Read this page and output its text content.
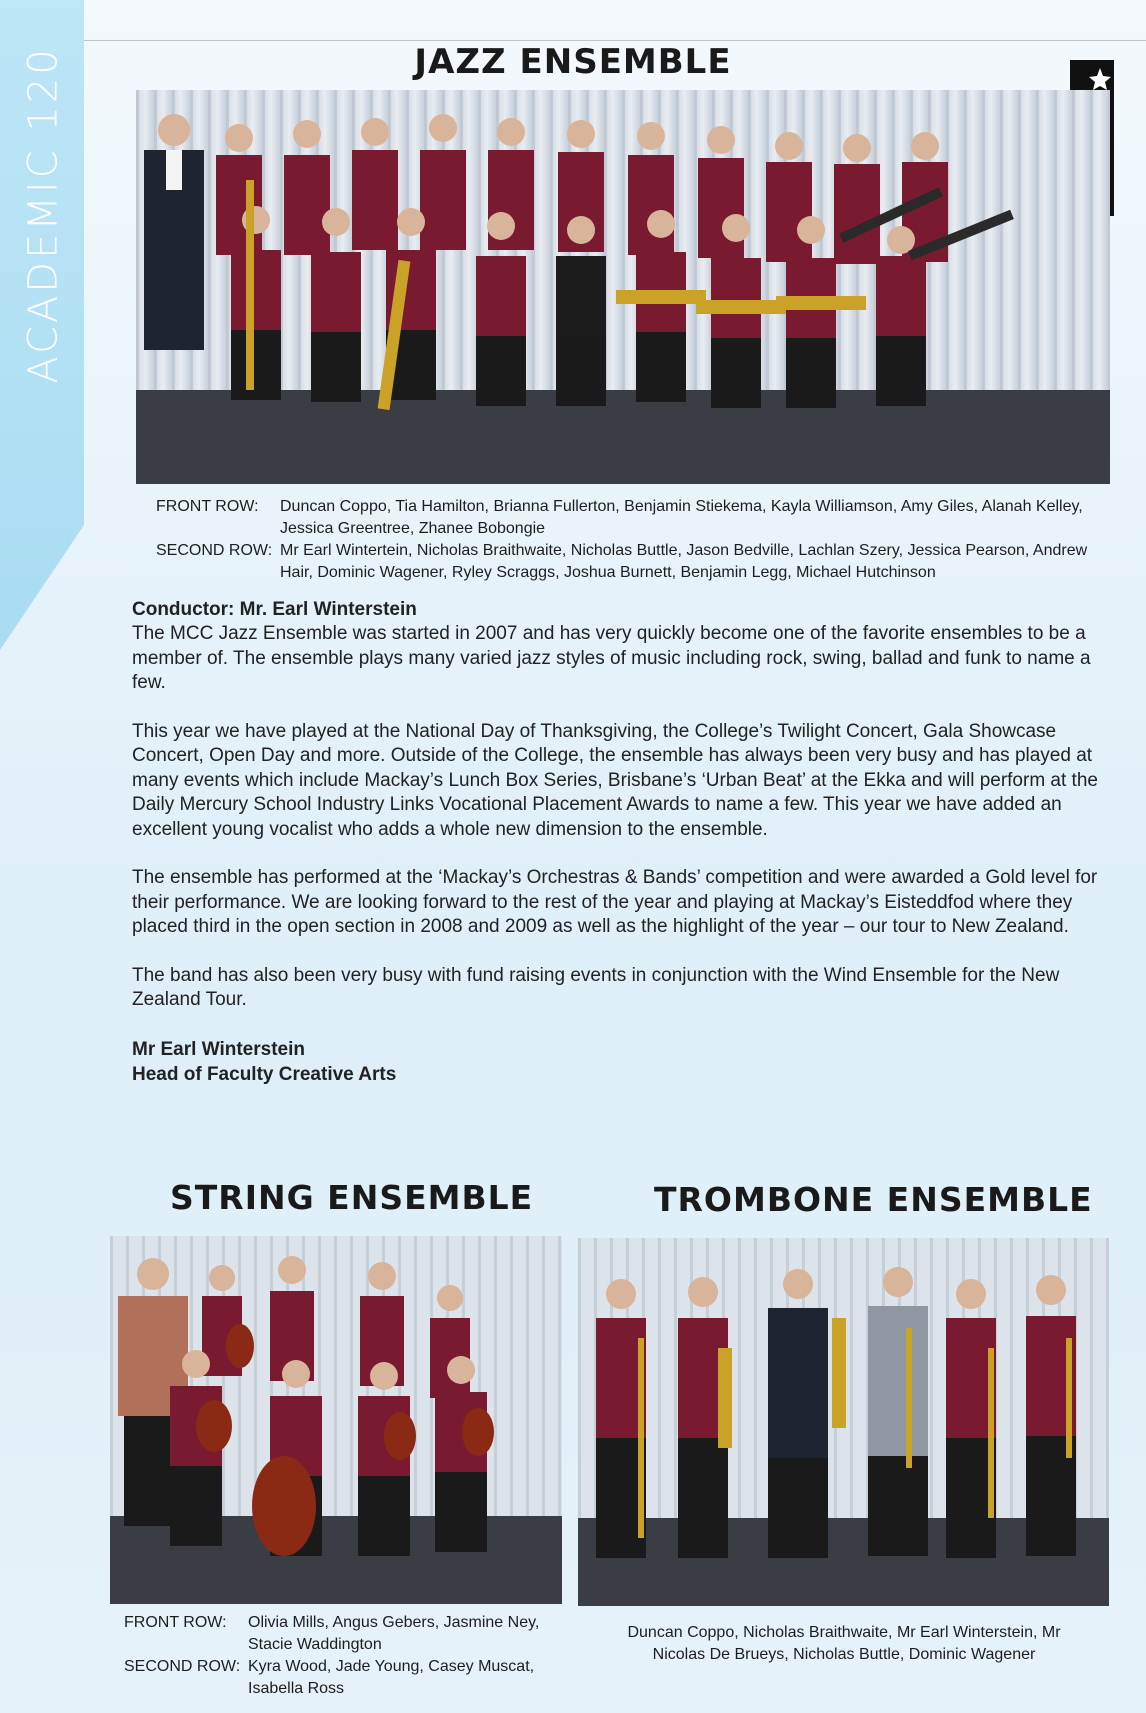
ACADEMIC 120	JAZZ ENSEMBLE
FRONT ROW: Duncan Coppo, Tia Hamilton, Brianna Fullerton, Benjamin Stiekema, Kayla Williamson, Amy Giles, Alanah Kelley, Jessica Greentree, Zhanee Bobongie
SECOND ROW: Mr Earl Wintertein, Nicholas Braithwaite, Nicholas Buttle, Jason Bedville, Lachlan Szery, Jessica Pearson, Andrew Hair, Dominic Wagener, Ryley Scraggs, Joshua Burnett, Benjamin Legg, Michael Hutchinson

Conductor: Mr. Earl Winterstein

The MCC Jazz Ensemble was started in 2007 and has very quickly become one of the favorite ensembles to be a member of. The ensemble plays many varied jazz styles of music including rock, swing, ballad and funk to name a few.

This year we have played at the National Day of Thanksgiving, the College’s Twilight Concert, Gala Showcase Concert, Open Day and more. Outside of the College, the ensemble has always been very busy and has played at many events which include Mackay’s Lunch Box Series, Brisbane’s ‘Urban Beat’ at the Ekka and will perform at the Daily Mercury School Industry Links Vocational Placement Awards to name a few. This year we have added an excellent young vocalist who adds a whole new dimension to the ensemble.

The ensemble has performed at the ‘Mackay’s Orchestras & Bands’ competition and were awarded a Gold level for their performance. We are looking forward to the rest of the year and playing at Mackay’s Eisteddfod where they placed third in the open section in 2008 and 2009 as well as the highlight of the year – our tour to New Zealand.

The band has also been very busy with fund raising events in conjunction with the Wind Ensemble for the New Zealand Tour.

Mr Earl Winterstein

Head of Faculty Creative Arts

STRING ENSEMBLE
FRONT ROW: Olivia Mills, Angus Gebers, Jasmine Ney, Stacie Waddington
SECOND ROW: Kyra Wood, Jade Young, Casey Muscat, Isabella Ross
TROMBONE ENSEMBLE
Duncan Coppo, Nicholas Braithwaite, Mr Earl Winterstein, Mr Nicolas De Brueys, Nicholas Buttle, Dominic Wagener
